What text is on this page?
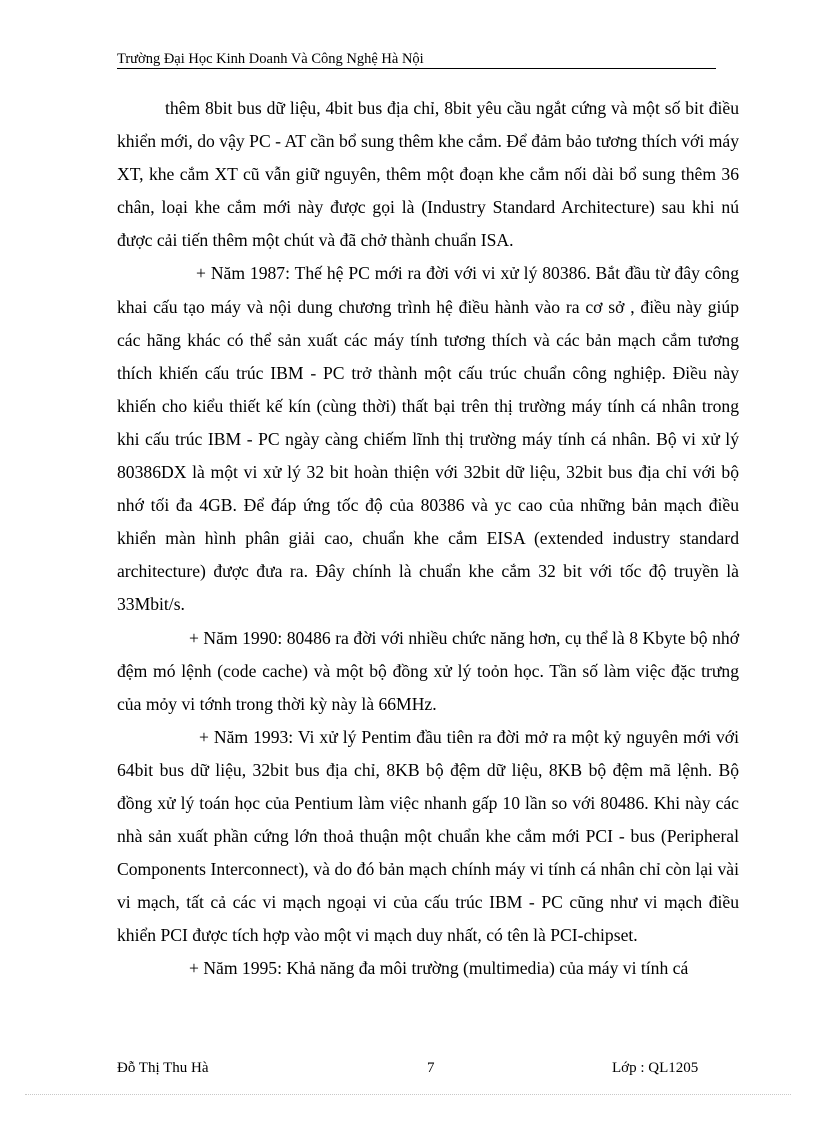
Trường Đại Học Kinh Doanh Và Công Nghệ Hà Nội

thêm 8bit bus dữ liệu, 4bit bus địa chỉ, 8bit yêu cầu ngắt cứng và một số bit điều khiển mới, do vậy PC - AT cần bổ sung thêm khe cắm. Để đảm bảo tương thích với máy XT, khe cắm XT cũ vẫn giữ nguyên, thêm một đoạn khe cắm nối dài bổ sung thêm 36 chân, loại khe cắm mới này được gọi là (Industry Standard Architecture) sau khi nú được cải tiến thêm một chút và đã chở thành chuẩn ISA.

+ Năm 1987: Thế hệ PC mới ra đời với vi xử lý 80386. Bắt đầu từ đây công khai cấu tạo máy và nội dung chương trình hệ điều hành vào ra cơ sở , điều này giúp các hãng khác có thể sản xuất các máy tính tương thích và các bản mạch cắm tương thích khiến cấu trúc IBM - PC trở thành một cấu trúc chuẩn công nghiệp. Điều này khiến cho kiểu thiết kế kín (cùng thời) thất bại trên thị trường máy tính cá nhân trong khi cấu trúc IBM - PC ngày càng chiếm lĩnh thị trường máy tính cá nhân. Bộ vi xử lý 80386DX là một vi xử lý 32 bit hoàn thiện với 32bit dữ liệu, 32bit bus địa chỉ với bộ nhớ tối đa 4GB. Để đáp ứng tốc độ của 80386 và yc cao của những bản mạch điều khiển màn hình phân giải cao, chuẩn khe cắm EISA (extended industry standard architecture) được đưa ra. Đây chính là chuẩn khe cắm 32 bit với tốc độ truyền là 33Mbit/s.

+ Năm 1990: 80486 ra đời với nhiều chức năng hơn, cụ thể là 8 Kbyte bộ nhớ đệm mó lệnh (code cache) và một bộ đồng xử lý toỏn học. Tần số làm việc đặc trưng của mỏy vi tớnh trong thời kỳ này là 66MHz.

+ Năm 1993: Vi xử lý Pentim đầu tiên ra đời mở ra một kỷ nguyên mới với 64bit bus dữ liệu, 32bit bus địa chỉ, 8KB bộ đệm dữ liệu, 8KB bộ đệm mã lệnh. Bộ đồng xử lý toán học của Pentium làm việc nhanh gấp 10 lần so với 80486. Khi này các nhà sản xuất phần cứng lớn thoả thuận một chuẩn khe cắm mới PCI - bus (Peripheral Components Interconnect), và do đó bản mạch chính máy vi tính cá nhân chỉ còn lại vài vi mạch, tất cả các vi mạch ngoại vi của cấu trúc IBM - PC cũng như vi mạch điều khiển PCI được tích hợp vào một vi mạch duy nhất, có tên là PCI-chipset.

+ Năm 1995: Khả năng đa môi trường (multimedia) của máy vi tính cá

Đỗ Thị Thu Hà	7	Lớp : QL1205
